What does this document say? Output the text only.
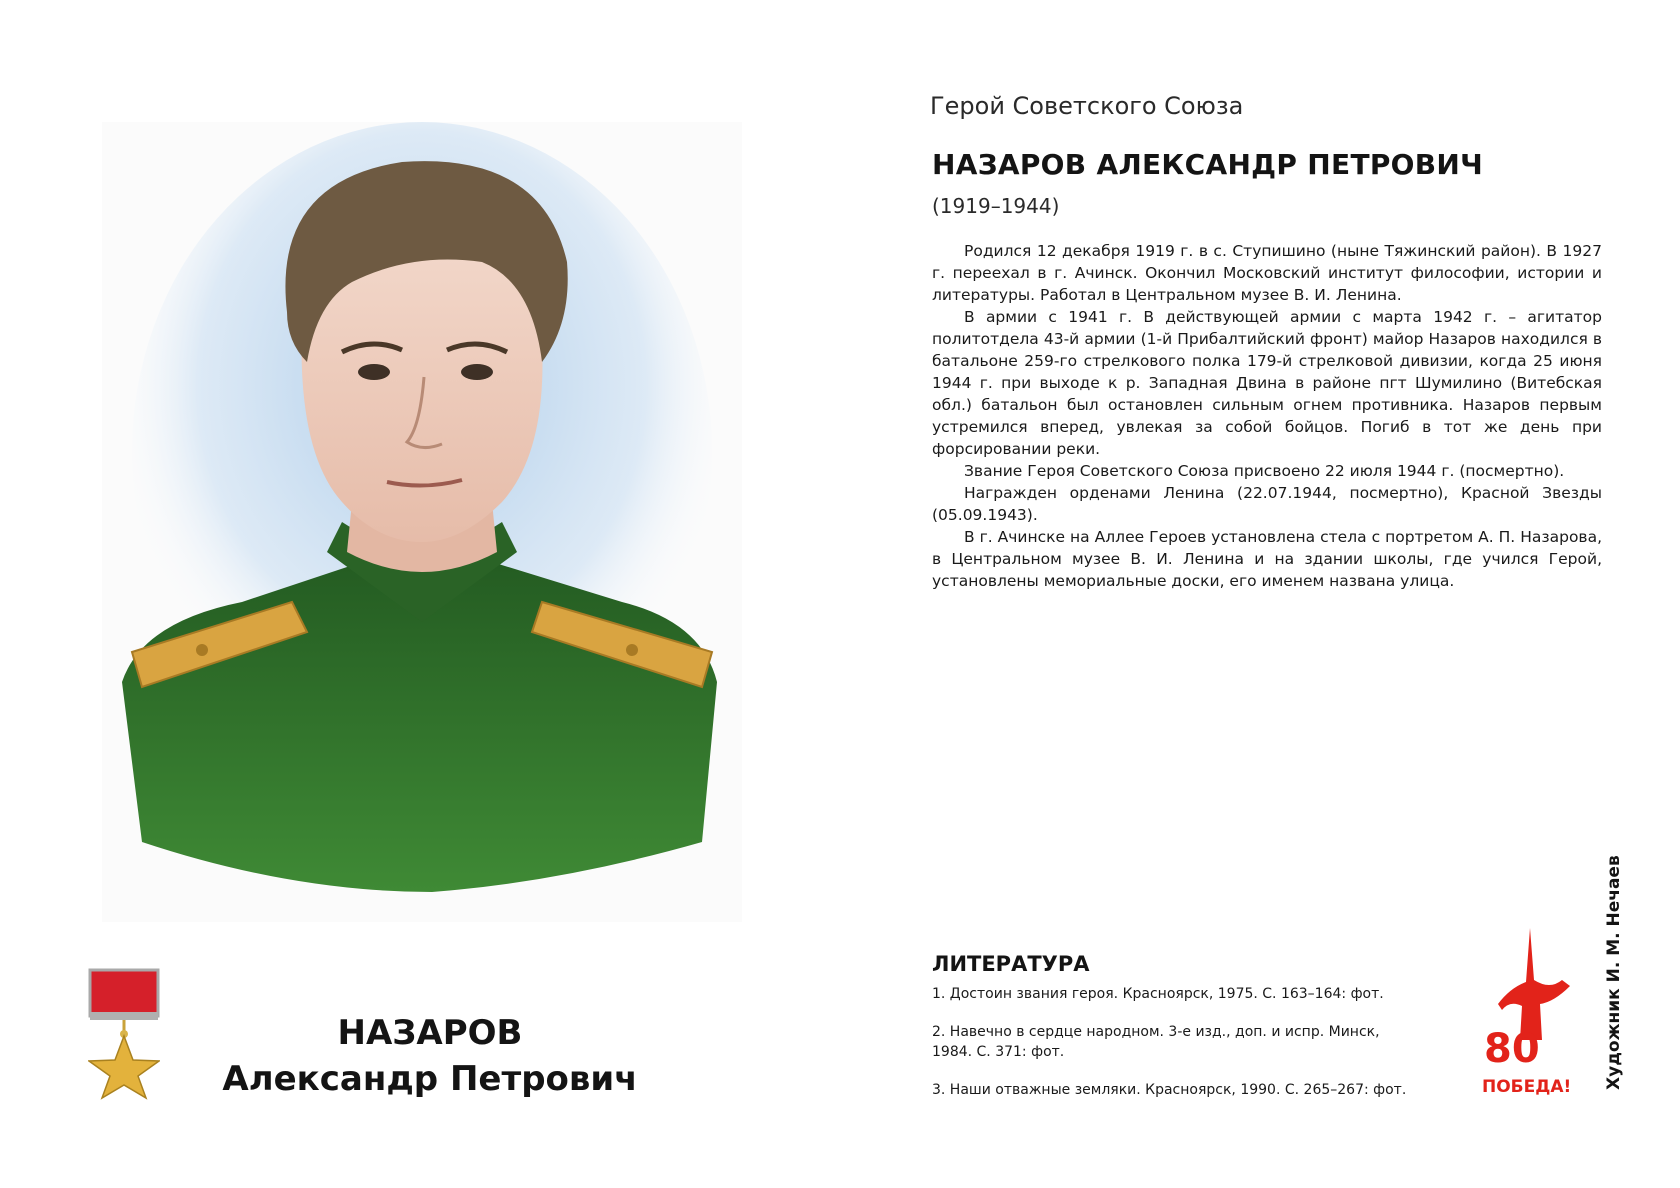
НАЗАРОВ
Александр Петрович
Герой Советского Союза
НАЗАРОВ АЛЕКСАНДР ПЕТРОВИЧ
(1919–1944)

Родился 12 декабря 1919 г. в с. Ступишино (ныне Тяжинский район). В 1927 г. переехал в г. Ачинск. Окончил Московский институт философии, истории и литературы. Работал в Центральном музее В. И. Ленина.

В армии с 1941 г. В действующей армии с марта 1942 г. – агитатор политотдела 43-й армии (1-й Прибалтийский фронт) майор Назаров находился в батальоне 259-го стрелкового полка 179-й стрелковой дивизии, когда 25 июня 1944 г. при выходе к р. Западная Двина в районе пгт Шумилино (Витебская обл.) батальон был остановлен сильным огнем противника. Назаров первым устремился вперед, увлекая за собой бойцов. Погиб в тот же день при форсировании реки.

Звание Героя Советского Союза присвоено 22 июля 1944 г. (посмертно).

Награжден орденами Ленина (22.07.1944, посмертно), Красной Звезды (05.09.1943).

В г. Ачинске на Аллее Героев установлена стела с портретом А. П. Назарова, в Центральном музее В. И. Ленина и на здании школы, где учился Герой, установлены мемориальные доски, его именем названа улица.

ЛИТЕРАТУРА
1. Достоин звания героя. Красноярск, 1975. С. 163–164: фот.
2. Навечно в сердце народном. 3-е изд., доп. и испр. Минск, 1984. С. 371: фот.
3. Наши отважные земляки. Красноярск, 1990. С. 265–267: фот.
80
ПОБЕДА! Художник И. М. Нечаев
